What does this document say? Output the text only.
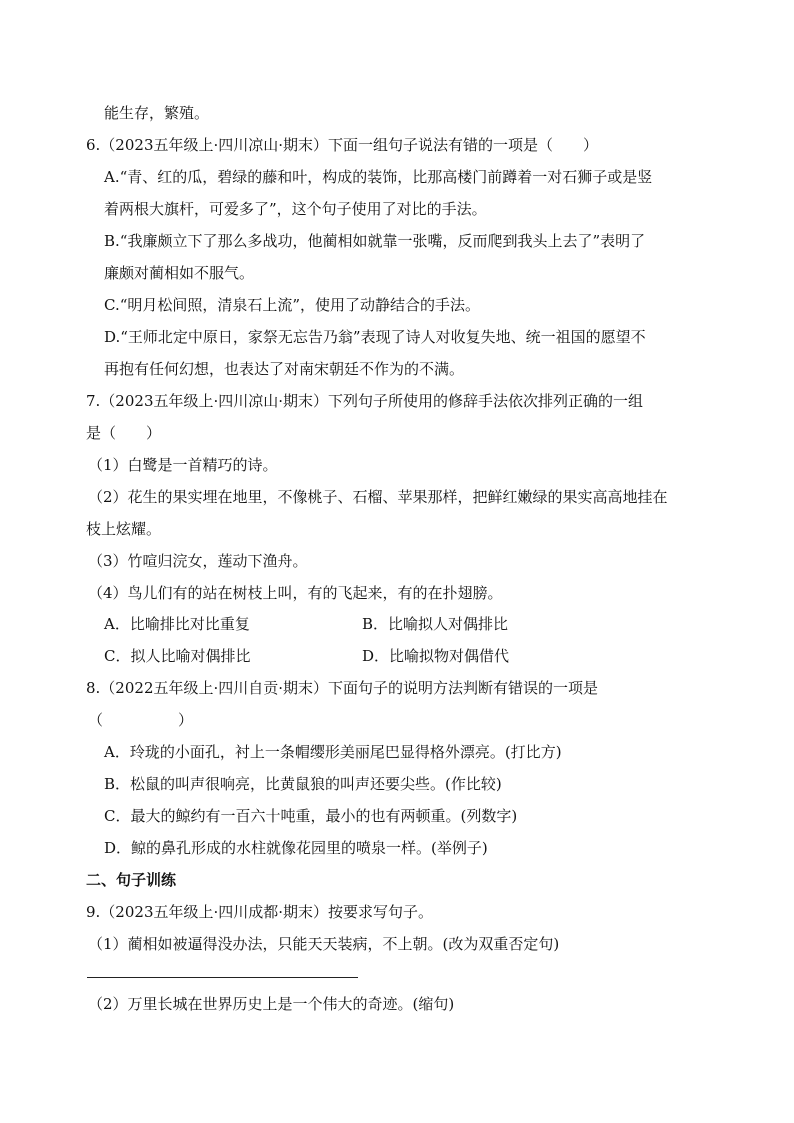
能生存，繁殖。
6.（2023五年级上·四川凉山·期末）下面一组句子说法有错的一项是（　　）
A.“青、红的瓜，碧绿的藤和叶，构成的装饰，比那高楼门前蹲着一对石狮子或是竖
着两根大旗杆，可爱多了”，这个句子使用了对比的手法。
B.“我廉颇立下了那么多战功，他蔺相如就靠一张嘴，反而爬到我头上去了”表明了
廉颇对蔺相如不服气。
C.“明月松间照，清泉石上流”，使用了动静结合的手法。
D.“王师北定中原日，家祭无忘告乃翁”表现了诗人对收复失地、统一祖国的愿望不
再抱有任何幻想，也表达了对南宋朝廷不作为的不满。
7.（2023五年级上·四川凉山·期末）下列句子所使用的修辞手法依次排列正确的一组
是（　　）
（1）白鹭是一首精巧的诗。
（2）花生的果实埋在地里，不像桃子、石榴、苹果那样，把鲜红嫩绿的果实高高地挂在
枝上炫耀。
（3）竹喧归浣女，莲动下渔舟。
（4）鸟儿们有的站在树枝上叫，有的飞起来，有的在扑翅膀。
A．比喻排比对比重复	B．比喻拟人对偶排比
C．拟人比喻对偶排比	D．比喻拟物对偶借代
8.（2022五年级上·四川自贡·期末）下面句子的说明方法判断有错误的一项是
（　　　　　）
A．玲珑的小面孔，衬上一条帽缨形美丽尾巴显得格外漂亮。(打比方)
B．松鼠的叫声很响亮，比黄鼠狼的叫声还要尖些。(作比较)
C．最大的鲸约有一百六十吨重，最小的也有两顿重。(列数字)
D．鲸的鼻孔形成的水柱就像花园里的喷泉一样。(举例子)
二、句子训练
9.（2023五年级上·四川成都·期末）按要求写句子。
（1）蔺相如被逼得没办法，只能天天装病，不上朝。(改为双重否定句)
（2）万里长城在世界历史上是一个伟大的奇迹。(缩句)
